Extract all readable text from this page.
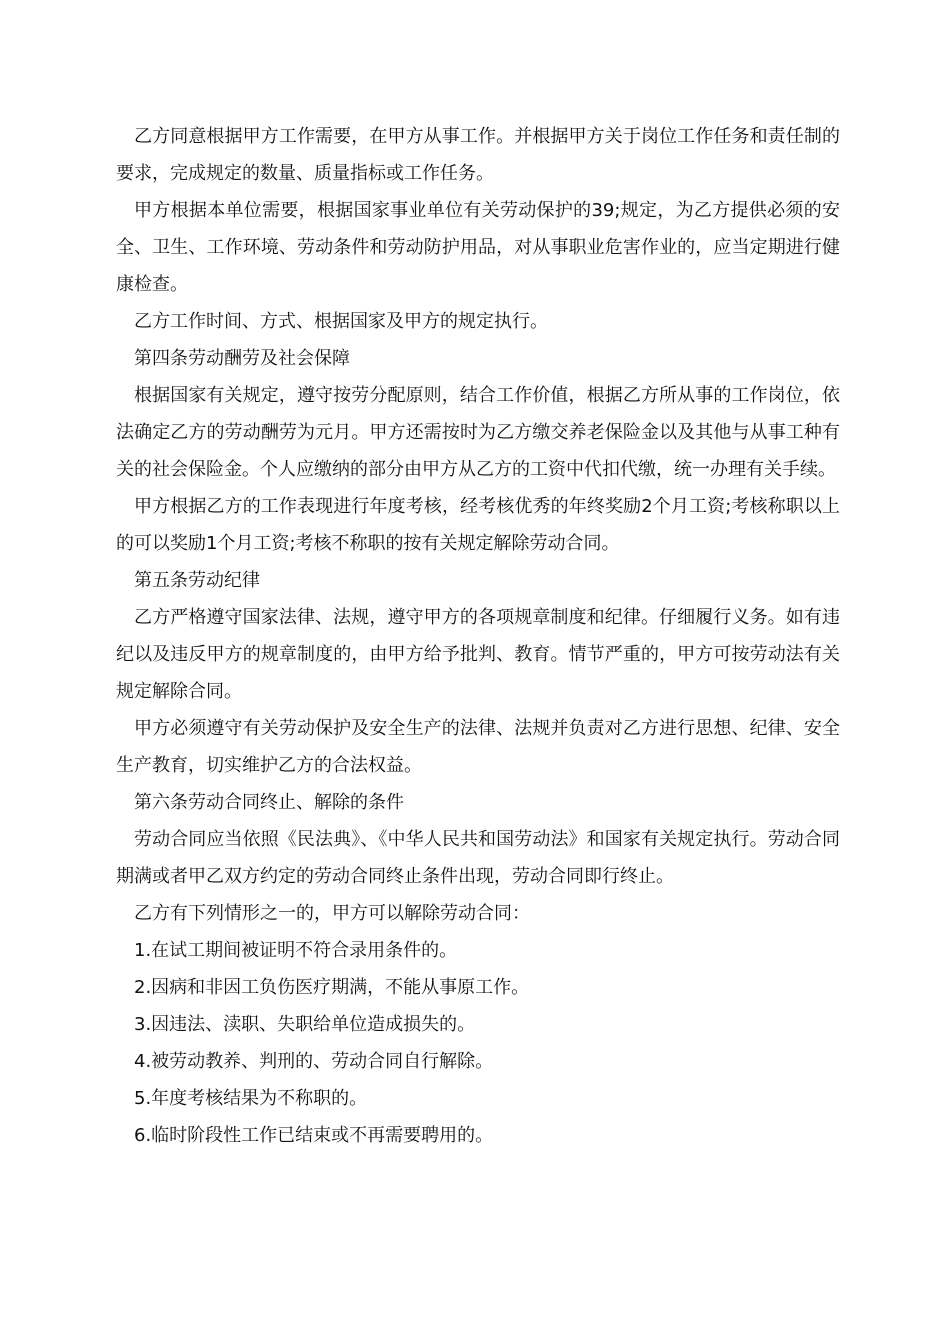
乙方同意根据甲方工作需要，在甲方从事工作。并根据甲方关于岗位工作任务和责任制的要求，完成规定的数量、质量指标或工作任务。

甲方根据本单位需要，根据国家事业单位有关劳动保护的39;规定，为乙方提供必须的安全、卫生、工作环境、劳动条件和劳动防护用品，对从事职业危害作业的，应当定期进行健康检查。

乙方工作时间、方式、根据国家及甲方的规定执行。

第四条劳动酬劳及社会保障

根据国家有关规定，遵守按劳分配原则，结合工作价值，根据乙方所从事的工作岗位，依法确定乙方的劳动酬劳为元月。甲方还需按时为乙方缴交养老保险金以及其他与从事工种有关的社会保险金。个人应缴纳的部分由甲方从乙方的工资中代扣代缴，统一办理有关手续。

甲方根据乙方的工作表现进行年度考核，经考核优秀的年终奖励2个月工资;考核称职以上的可以奖励1个月工资;考核不称职的按有关规定解除劳动合同。

第五条劳动纪律

乙方严格遵守国家法律、法规，遵守甲方的各项规章制度和纪律。仔细履行义务。如有违纪以及违反甲方的规章制度的，由甲方给予批判、教育。情节严重的，甲方可按劳动法有关规定解除合同。

甲方必须遵守有关劳动保护及安全生产的法律、法规并负责对乙方进行思想、纪律、安全生产教育，切实维护乙方的合法权益。

第六条劳动合同终止、解除的条件

劳动合同应当依照《民法典》、《中华人民共和国劳动法》和国家有关规定执行。劳动合同期满或者甲乙双方约定的劳动合同终止条件出现，劳动合同即行终止。

乙方有下列情形之一的，甲方可以解除劳动合同：

1.在试工期间被证明不符合录用条件的。

2.因病和非因工负伤医疗期满，不能从事原工作。

3.因违法、渎职、失职给单位造成损失的。

4.被劳动教养、判刑的、劳动合同自行解除。

5.年度考核结果为不称职的。

6.临时阶段性工作已结束或不再需要聘用的。
